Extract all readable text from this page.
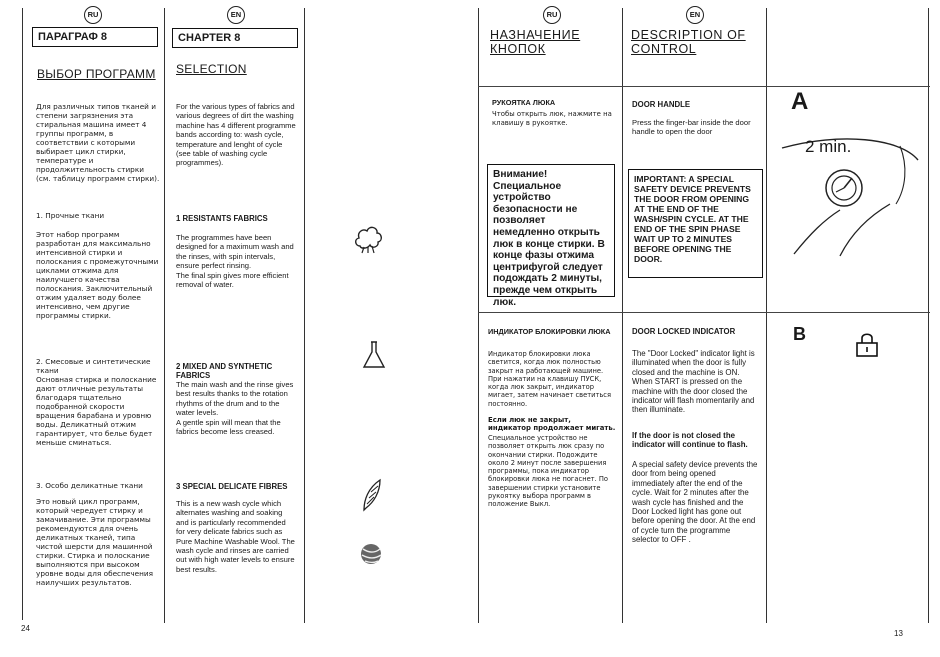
RU	EN
ПАРАГРАФ 8	CHAPTER 8
ВЫБОР ПРОГРАММ SELECTION
Для различных типов тканей и степени загрязнения эта стиральная машина имеет 4 группы программ, в соответствии с которыми выбирает цикл стирки, температуре и продолжительность стирки (см. таблицу программ стирки).
For the various types of fabrics and various degrees of dirt the washing machine has 4 different programme bands according to: wash cycle, temperature and lenght of cycle (see table of washing cycle programmes).
1. Прочные ткани
Этот набор программ разработан для максимально интенсивной стирки и полоскания с промежуточными циклами отжима для наилучшего качества полоскания. Заключительный отжим удаляет воду более интенсивно, чем другие программы стирки.
1 RESISTANTS FABRICS
The programmes have been designed for a maximum wash and the rinses, with spin intervals, ensure perfect rinsing.
The final spin gives more efficient removal of water.
2. Смесовые и синтетические ткани
Основная стирка и полоскание дают отличные результаты благодаря тщательно подобранной скорости вращения барабана и уровню воды. Деликатный отжим гарантирует, что белье будет меньше сминаться.
2 MIXED AND SYNTHETIC FABRICS
The main wash and the rinse gives best results thanks to the rotation rhythms of the drum and to the water levels.
A gentle spin will mean that the fabrics become less creased.
3. Особо деликатные ткани
Это новый цикл программ, который чередует стирку и замачивание. Эти программы рекомендуются для очень деликатных тканей, типа чистой шерсти для машинной стирки. Стирка и полоскание выполняются при высоком уровне воды для обеспечения наилучших результатов.
3 SPECIAL DELICATE FIBRES
This is a new wash cycle which alternates washing and soaking and is particularly recommended for very delicate fabrics such as Pure Machine Washable Wool. The wash cycle and rinses are carried out with high water levels to ensure best results.
24
RU	EN
НАЗНАЧЕНИЕ КНОПОК
DESCRIPTION OF CONTROL
РУКОЯТКА ЛЮКА
Чтобы открыть люк, нажмите на клавишу в рукоятке.
DOOR HANDLE
Press the finger-bar inside the door handle to open the door
Внимание! Специальное устройство безопасности не позволяет немедленно открыть люк в конце стирки. В конце фазы отжима центрифугой следует подождать 2 минуты, прежде чем открыть люк.
IMPORTANT: A SPECIAL SAFETY DEVICE PREVENTS THE DOOR FROM OPENING AT THE END OF THE WASH/SPIN CYCLE. AT THE END OF THE SPIN PHASE WAIT UP TO 2 MINUTES BEFORE OPENING THE DOOR.
A
2 min.
ИНДИКАТОР БЛОКИРОВКИ ЛЮКА
Индикатор блокировки люка светится, когда люк полностью закрыт на работающей машине. При нажатии на клавишу ПУСК, когда люк закрыт, индикатор мигает, затем начинает светиться постоянно.
Если люк не закрыт, индикатор продолжает мигать.
Специальное устройство не позволяет открыть люк сразу по окончании стирки. Подождите около 2 минут после завершения программы, пока индикатор блокировки люка не погаснет. По завершении стирки установите рукоятку выбора программ в положение Выкл.
DOOR LOCKED INDICATOR
The "Door Locked" indicator light is illuminated when the door is fully closed and the machine is ON.
When START is pressed on the machine with the door closed the indicator will flash momentarily and then illuminate.
If the door is not closed the indicator will continue to flash.
A special safety device prevents the door from being opened immediately after the end of the cycle. Wait for 2 minutes after the wash cycle has finished and the Door Locked light has gone out before opening the door. At the end of cycle turn the programme selector to OFF .
B
13
